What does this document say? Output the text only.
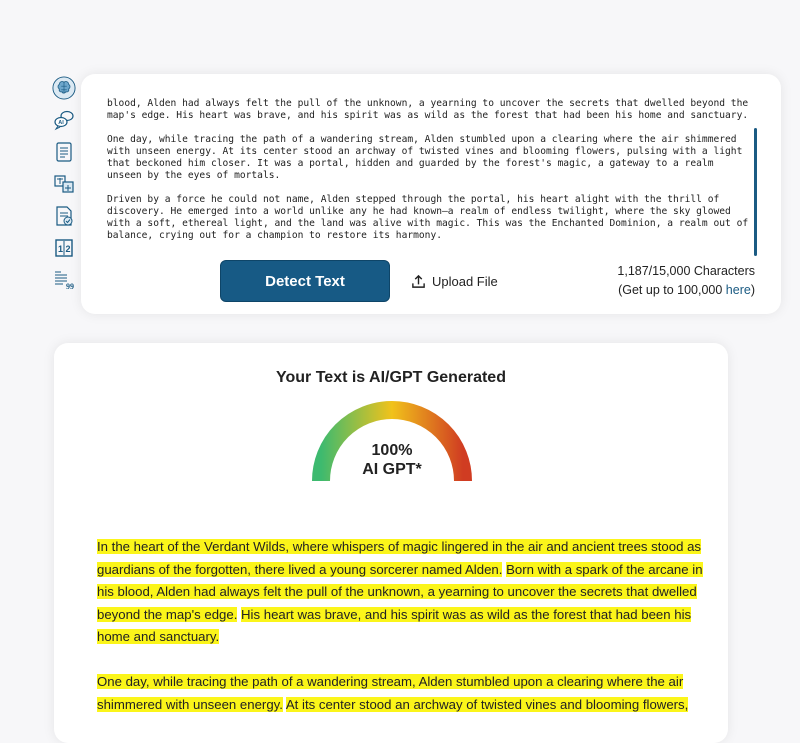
AI
1 2
99

blood, Alden had always felt the pull of the unknown, a yearning to uncover the secrets that dwelled beyond the map's edge. His heart was brave, and his spirit was as wild as the forest that had been his home and sanctuary.

One day, while tracing the path of a wandering stream, Alden stumbled upon a clearing where the air shimmered with unseen energy. At its center stood an archway of twisted vines and blooming flowers, pulsing with a light that beckoned him closer. It was a portal, hidden and guarded by the forest's magic, a gateway to a realm unseen by the eyes of mortals.

Driven by a force he could not name, Alden stepped through the portal, his heart alight with the thrill of discovery. He emerged into a world unlike any he had known—a realm of endless twilight, where the sky glowed with a soft, ethereal light, and the land was alive with magic. This was the Enchanted Dominion, a realm out of balance, crying out for a champion to restore its harmony.

Detect Text	Upload File
1,187/15,000 Characters
(Get up to 100,000 here)
Your Text is AI/GPT Generated
100%
AI GPT*

In the heart of the Verdant Wilds, where whispers of magic lingered in the air and ancient trees stood as guardians of the forgotten, there lived a young sorcerer named Alden. Born with a spark of the arcane in his blood, Alden had always felt the pull of the unknown, a yearning to uncover the secrets that dwelled beyond the map's edge. His heart was brave, and his spirit was as wild as the forest that had been his home and sanctuary.

One day, while tracing the path of a wandering stream, Alden stumbled upon a clearing where the air shimmered with unseen energy. At its center stood an archway of twisted vines and blooming flowers,
